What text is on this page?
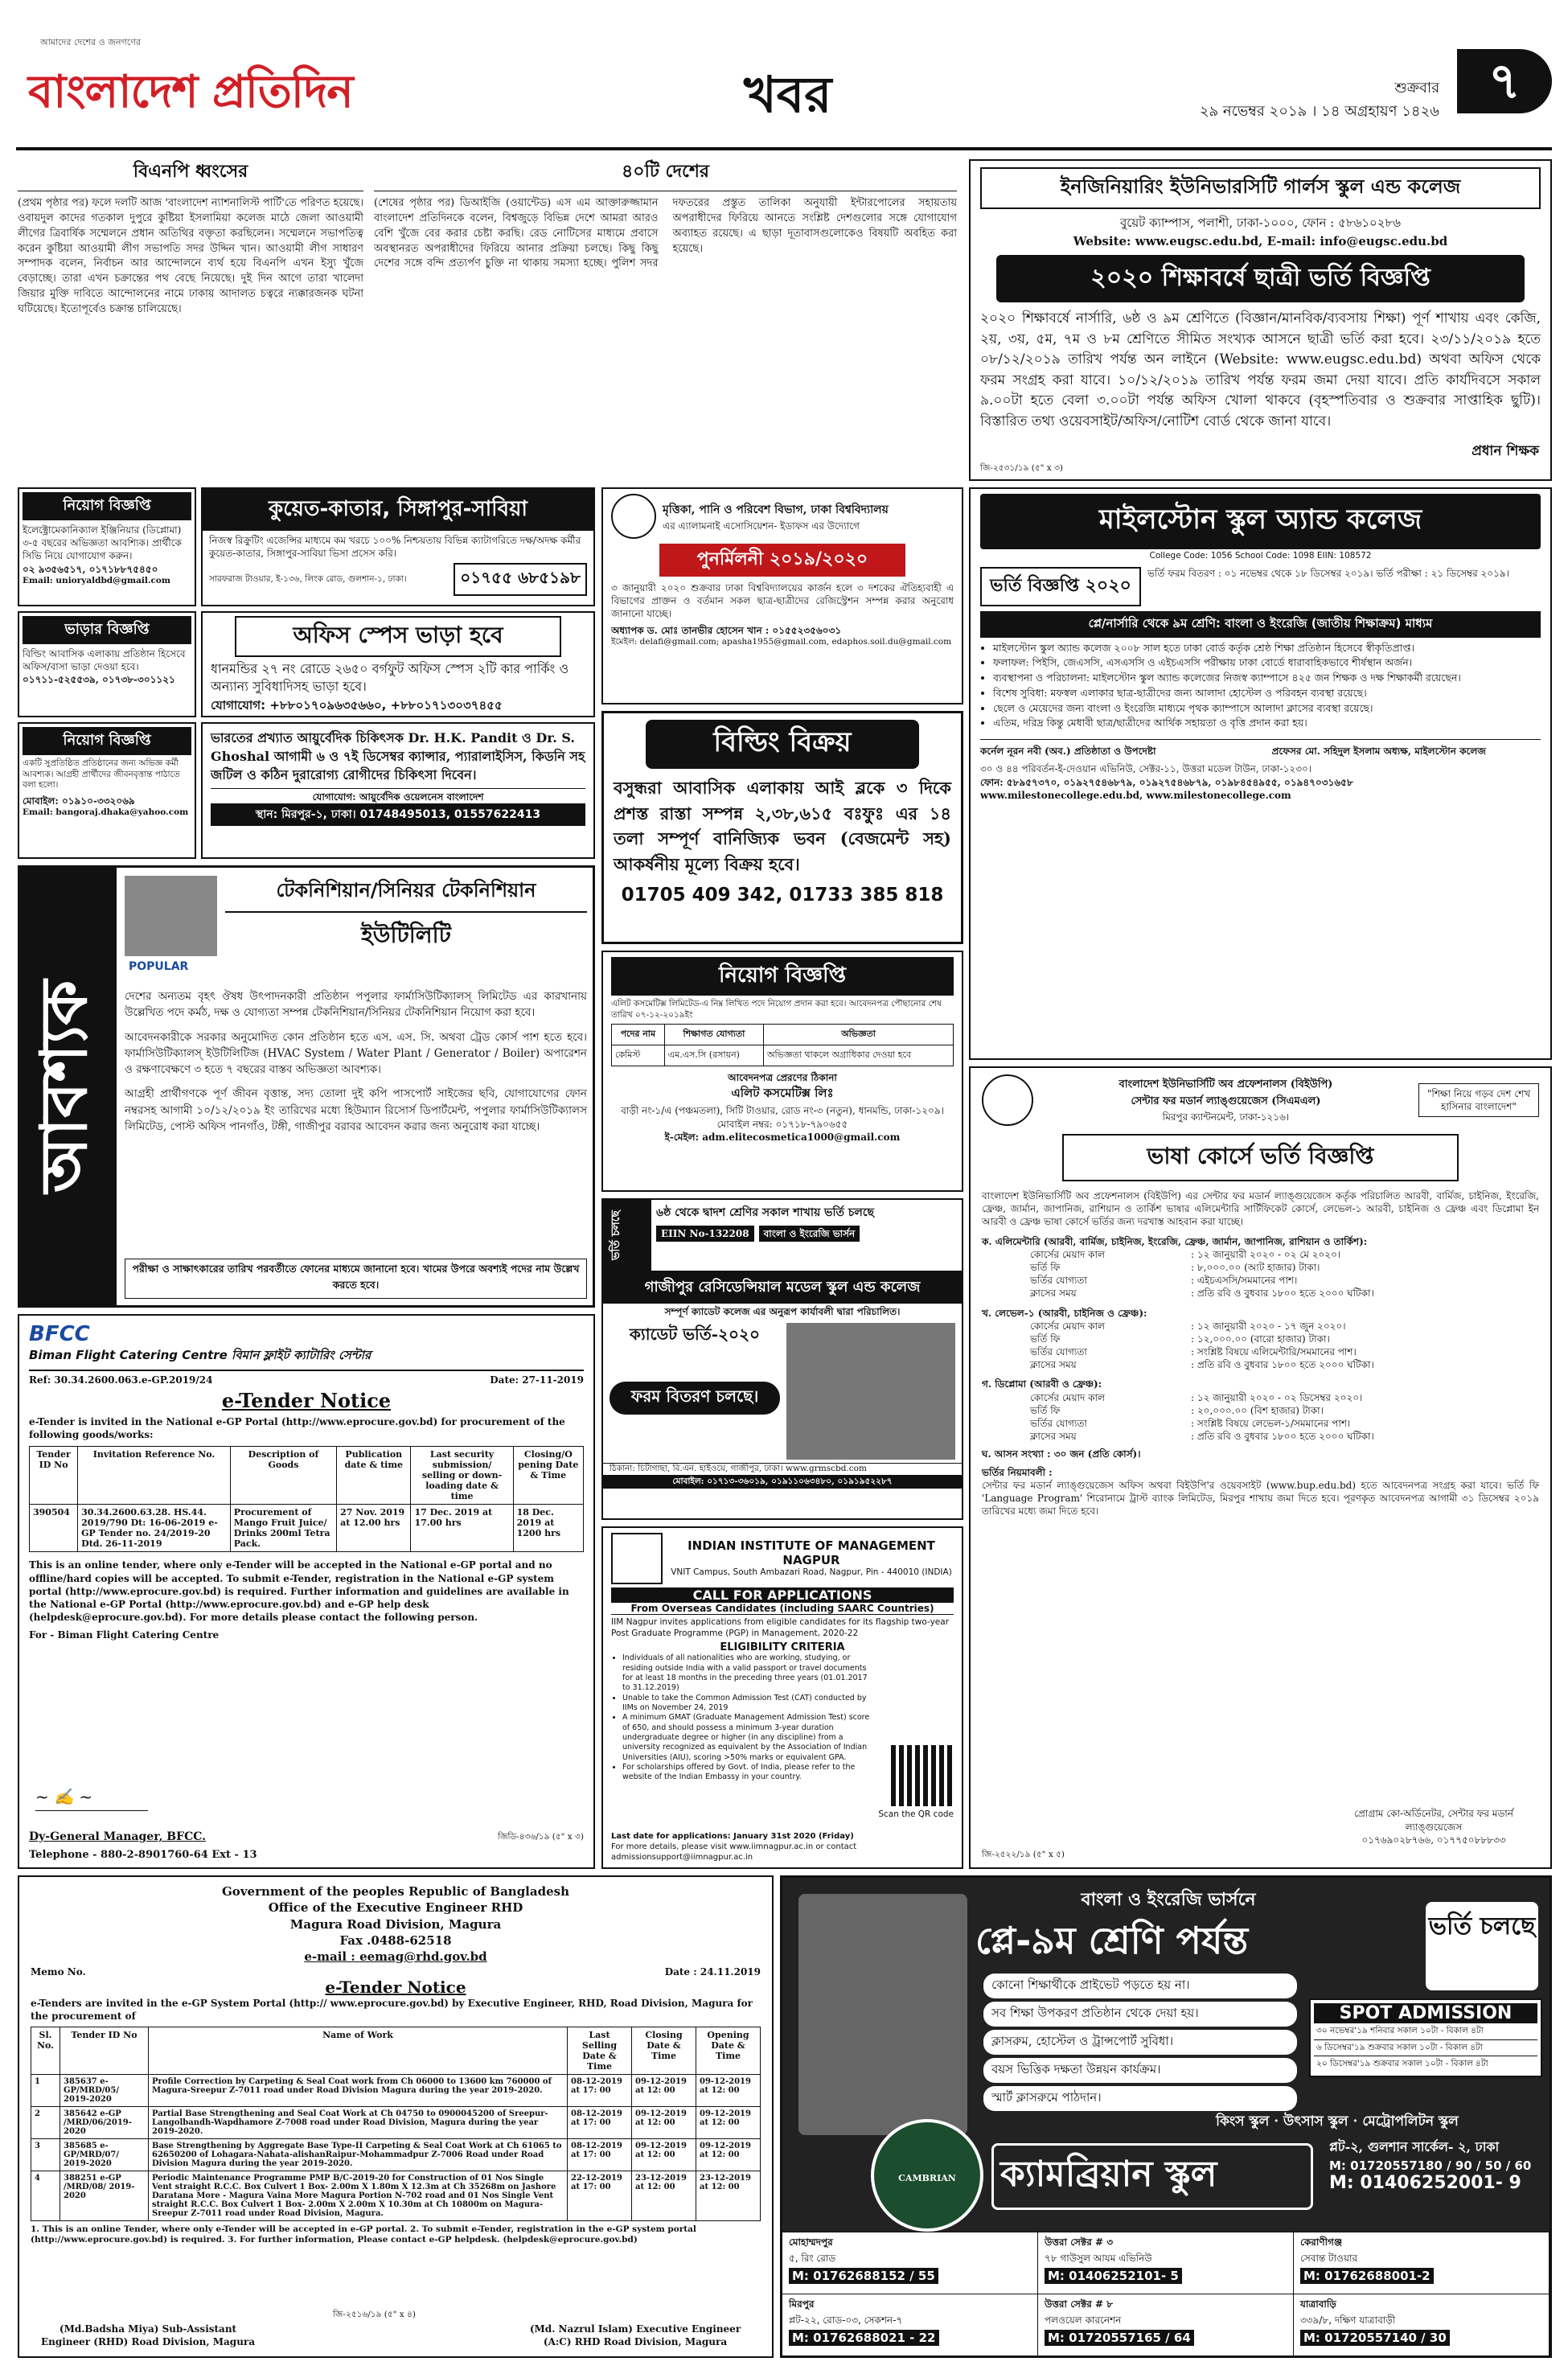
আমাদের দেশের ও জনগণের
বাংলাদেশ প্রতিদিন	খবর	শুক্রবার
২৯ নভেম্বর ২০১৯ । ১৪ অগ্রহায়ণ ১৪২৬
৭
বিএনপি ধ্বংসের
(প্রথম পৃষ্ঠার পর) ফলে দলটি আজ 'বাংলাদেশ ন্যাশনালিস্ট পার্টি'তে পরিণত হয়েছে। ওবায়দুল কাদের গতকাল দুপুরে কুষ্টিয়া ইসলামিয়া কলেজ মাঠে জেলা আওয়ামী লীগের ত্রিবার্ষিক সম্মেলনে প্রধান অতিথির বক্তৃতা করছিলেন। সম্মেলনে সভাপতিত্ব করেন কুষ্টিয়া আওয়ামী লীগ সভাপতি সদর উদ্দিন খান। আওয়ামী লীগ সাধারণ সম্পাদক বলেন, নির্বাচন আর আন্দোলনে ব্যর্থ হয়ে বিএনপি এখন ইস্যু খুঁজে বেড়াচ্ছে। তারা এখন চক্রান্তের পথ বেছে নিয়েছে। দুই দিন আগে তারা খালেদা জিয়ার মুক্তি দাবিতে আন্দোলনের নামে ঢাকায় আদালত চত্বরে ন্যক্কারজনক ঘটনা ঘটিয়েছে। ইতোপূর্বেও চক্রান্ত চালিয়েছে।
৪০টি দেশের
(শেষের পৃষ্ঠার পর) ডিআইজি (ওয়ান্টেড) এস এম আক্তারুজ্জামান বাংলাদেশ প্রতিদিনকে বলেন, বিশ্বজুড়ে বিভিন্ন দেশে আমরা আরও বেশি খুঁজে বের করার চেষ্টা করছি। রেড নোটিসের মাধ্যমে প্রবাসে অবস্থানরত অপরাধীদের ফিরিয়ে আনার প্রক্রিয়া চলছে। কিছু কিছু দেশের সঙ্গে বন্দি প্রত্যর্পণ চুক্তি না থাকায় সমস্যা হচ্ছে। পুলিশ সদর দফতরের প্রস্তুত তালিকা অনুযায়ী ইন্টারপোলের সহায়তায় অপরাধীদের ফিরিয়ে আনতে সংশ্লিষ্ট দেশগুলোর সঙ্গে যোগাযোগ অব্যাহত রয়েছে। এ ছাড়া দূতাবাসগুলোকেও বিষয়টি অবহিত করা হয়েছে।
ইনজিনিয়ারিং ইউনিভারসিটি গার্লস স্কুল এন্ড কলেজ
বুয়েট ক্যাম্পাস, পলাশী, ঢাকা-১০০০, ফোন : ৫৮৬১০২৮৬
Website: www.eugsc.edu.bd, E-mail: info@eugsc.edu.bd
২০২০ শিক্ষাবর্ষে ছাত্রী ভর্তি বিজ্ঞপ্তি
২০২০ শিক্ষাবর্ষে নার্সারি, ৬ষ্ঠ ও ৯ম শ্রেণিতে (বিজ্ঞান/মানবিক/ব্যবসায় শিক্ষা) পূর্ণ শাখায় এবং কেজি, ২য়, ৩য়, ৫ম, ৭ম ও ৮ম শ্রেণিতে সীমিত সংখ্যক আসনে ছাত্রী ভর্তি করা হবে। ২৩/১১/২০১৯ হতে ০৮/১২/২০১৯ তারিখ পর্যন্ত অন লাইনে (Website: www.eugsc.edu.bd) অথবা অফিস থেকে ফরম সংগ্রহ করা যাবে। ১০/১২/২০১৯ তারিখ পর্যন্ত ফরম জমা দেয়া যাবে। প্রতি কার্যদিবসে সকাল ৯.০০টা হতে বেলা ৩.০০টা পর্যন্ত অফিস খোলা থাকবে (বৃহস্পতিবার ও শুক্রবার সাপ্তাহিক ছুটি)। বিস্তারিত তথ্য ওয়েবসাইট/অফিস/নোটিশ বোর্ড থেকে জানা যাবে।
প্রধান শিক্ষক
জি-২৫৩১/১৯ (৫" x ৩)
নিয়োগ বিজ্ঞপ্তি
ইলেক্ট্রোমেকানিক্যাল ইঞ্জিনিয়ার (ডিপ্লোমা) ৩-৫ বছরের অভিজ্ঞতা আবশ্যিক। প্রার্থীকে সিভি নিয়ে যোগাযোগ করুন।
০২ ৯৩৫৬৫১৭, ০১৭১৮৮৭৫৪৫০
Email: unioryaldbd@gmail.com
কুয়েত-কাতার, সিঙ্গাপুর-সাবিয়া
নিজস্ব রিক্রুটিং এজেন্সির মাধ্যমে কম খরচে ১০০% নিশ্চয়তায় বিভিন্ন ক্যাটাগরিতে দক্ষ/অদক্ষ কর্মীর কুয়েত-কাতার, সিঙ্গাপুর-সাবিয়া ভিসা প্রসেস করি।
সারফরাজ টাওয়ার, ই-১৩৬, লিংক রোড, গুলশান-১, ঢাকা।	০১৭৫৫ ৬৮৫১৯৮
ভাড়ার বিজ্ঞপ্তি
বিল্ডিং আবাসিক এলাকায় প্রতিষ্ঠান হিসেবে অফিস/বাসা ভাড়া দেওয়া হবে।
০১৭১১-৫২৫৫৩৯, ০১৭৩৮-৩০১১২১
অফিস স্পেস ভাড়া হবে
ধানমন্ডির ২৭ নং রোডে ২৬৫০ বর্গফুট অফিস স্পেস ২টি কার পার্কিং ও অন্যান্য সুবিধাদিসহ ভাড়া হবে।
যোগাযোগ: +৮৮০১৭০৯৬৩৫৬৬০, +৮৮০১৭১৩০৩৭৪৫৫
নিয়োগ বিজ্ঞপ্তি
একটি সুপ্রতিষ্ঠিত প্রতিষ্ঠানের জন্য অভিজ্ঞ কর্মী আবশ্যক। আগ্রহী প্রার্থীদের জীবনবৃত্তান্ত পাঠাতে বলা হলো।
মোবাইল: ০১৯১০-৩৩২০৬৯
Email: bangoraj.dhaka@yahoo.com
ভারতের প্রখ্যাত আয়ুর্বেদিক চিকিৎসক Dr. H.K. Pandit ও Dr. S. Ghoshal আগামী ৬ ও ৭ই ডিসেম্বর ক্যান্সার, প্যারালাইসিস, কিডনি সহ জটিল ও কঠিন দুরারোগ্য রোগীদের চিকিৎসা দিবেন।
যোগাযোগ: আয়ুর্বেদিক ওয়েলনেস বাংলাদেশ
স্থান: মিরপুর-১, ঢাকা। 01748495013, 01557622413
আবশ্যক
POPULAR
টেকনিশিয়ান/সিনিয়র টেকনিশিয়ান
ইউটিলিটি
দেশের অন্যতম বৃহৎ ঔষধ উৎপাদনকারী প্রতিষ্ঠান পপুলার ফার্মাসিউটিক্যালস্ লিমিটেড এর কারখানায় উল্লেখিত পদে কর্মঠ, দক্ষ ও যোগ্যতা সম্পন্ন টেকনিশিয়ান/সিনিয়র টেকনিশিয়ান নিয়োগ করা হবে।
আবেদনকারীকে সরকার অনুমোদিত কোন প্রতিষ্ঠান হতে এস. এস. সি. অথবা ট্রেড কোর্স পাশ হতে হবে। ফার্মাসিউটিক্যালস্ ইউটিলিটিজ (HVAC System / Water Plant / Generator / Boiler) অপারেশন ও রক্ষণাবেক্ষণে ৩ হতে ৭ বছরের বাস্তব অভিজ্ঞতা আবশ্যক।
আগ্রহী প্রার্থীগণকে পূর্ণ জীবন বৃত্তান্ত, সদ্য তোলা দুই কপি পাসপোর্ট সাইজের ছবি, যোগাযোগের ফোন নম্বরসহ আগামী ১০/১২/২০১৯ ইং তারিখের মধ্যে হিউম্যান রিসোর্স ডিপার্টমেন্ট, পপুলার ফার্মাসিউটিক্যালস লিমিটেড, পোস্ট অফিস পানগাঁও, টঙ্গী, গাজীপুর বরাবর আবেদন করার জন্য অনুরোধ করা যাচ্ছে।
পরীক্ষা ও সাক্ষাৎকারের তারিখ পরবর্তীতে ফোনের মাধ্যমে জানানো হবে। খামের উপরে অবশ্যই পদের নাম উল্লেখ করতে হবে।
BFCC
Biman Flight Catering Centre বিমান ফ্লাইট ক্যাটারিং সেন্টার
Ref: 30.34.2600.063.e-GP.2019/24	Date: 27-11-2019
e-Tender Notice
e-Tender is invited in the National e-GP Portal (http://www.eprocure.gov.bd) for procurement of the following goods/works:
Tender ID No	Invitation Reference No.	Description of Goods	Publication date & time	Last security submission/ selling or down-loading date & time	Closing/O pening Date & Time
390504	30.34.2600.63.28. HS.44. 2019/790 Dt: 16-06-2019 e-GP Tender no. 24/2019-20 Dtd. 26-11-2019	Procurement of Mango Fruit Juice/ Drinks 200ml Tetra Pack.	27 Nov. 2019 at 12.00 hrs	17 Dec. 2019 at 17.00 hrs	18 Dec. 2019 at 1200 hrs
This is an online tender, where only e-Tender will be accepted in the National e-GP portal and no offline/hard copies will be accepted. To submit e-Tender, registration in the National e-GP system portal (http://www.eprocure.gov.bd) is required. Further information and guidelines are available in the National e-GP Portal (http://www.eprocure.gov.bd) and e-GP help desk (helpdesk@eprocure.gov.bd). For more details please contact the following person.
For - Biman Flight Catering Centre
~ ✍ ~
Dy-General Manager, BFCC.
Telephone - 880-2-8901760-64 Ext - 13
জিডি-৪৩৬/১৯ (৫" x ৩)
মৃত্তিকা, পানি ও পরিবেশ বিভাগ, ঢাকা বিশ্ববিদ্যালয়
এর এ্যালামনাই এসোসিয়েশন- ইডাফস এর উদ্যোগে
পুনর্মিলনী ২০১৯/২০২০
৩ জানুয়ারী ২০২০ শুক্রবার ঢাকা বিশ্ববিদ্যালয়ের কার্জন হলে ৩ দশকের ঐতিহ্যবাহী এ বিভাগের প্রাক্তন ও বর্তমান সকল ছাত্র-ছাত্রীদের রেজিস্ট্রেশন সম্পন্ন করার অনুরোধ জানানো যাচ্ছে।
অধ্যাপক ড. মোঃ তানভীর হোসেন খান : ০১৫৫২৩৫৬০৩১
ইমেইল: delafi@gmail.com; apasha1955@gmail.com, edaphos.soil.du@gmail.com
বিল্ডিং বিক্রয়
বসুন্ধরা আবাসিক এলাকায় আই ব্লকে ৩ দিকে প্রশস্ত রাস্তা সম্পন্ন ২,৩৮,৬১৫ বঃফুঃ এর ১৪ তলা সম্পূর্ণ বানিজ্যিক ভবন (বেজমেন্ট সহ) আকর্ষনীয় মূল্যে বিক্রয় হবে।
01705 409 342, 01733 385 818
নিয়োগ বিজ্ঞপ্তি
এলিট কসমেটিক্স লিমিটেড-এ নিম্ন লিখিত পদে নিয়োগ প্রদান করা হবে। আবেদনপত্র পৌছানোর শেষ তারিখ ০৭-১২-২০১৯ইং
পদের নাম	শিক্ষাগত যোগ্যতা	অভিজ্ঞতা
কেমিস্ট	এম.এস.সি (রসায়ন)	অভিজ্ঞতা থাকলে অগ্রাধিকার দেওয়া হবে
আবেদনপত্র প্রেরণের ঠিকানা
এলিট কসমেটিক্স লিঃ
বাড়ী নং-১/এ (পঞ্চমতলা), সিটি টাওয়ার, রোড নং-৩ (নতুন), ধানমন্ডি, ঢাকা-১২০৯।
মোবাইল নম্বর: ০১৭১৮-৭৯০৬৫৫
ই-মেইল: adm.elitecosmetica1000@gmail.com
ভর্তি চলছে	৬ষ্ঠ থেকে দ্বাদশ শ্রেণির সকাল শাখায় ভর্তি চলছে
EIIN No-132208	বাংলা ও ইংরেজি ভার্সন
গাজীপুর রেসিডেন্সিয়াল মডেল স্কুল এন্ড কলেজ
সম্পূর্ণ ক্যাডেট কলেজ এর অনুরূপ কার্যাবলী দ্বারা পরিচালিত।
ক্যাডেট ভর্তি-২০২০
ফরম বিতরণ চলছে।
ঠিকানা: চিটাগাছা, বি.এন. হাইওয়ে, গাজীপুর, ঢাকা। www.grmscbd.com
মোবাইল: ০১৭১৩-৩৬০১৯, ০১৯১১০৬৩৪৮০, ০১৯১৯৫২২৮৭
INDIAN INSTITUTE OF MANAGEMENT NAGPUR
VNIT Campus, South Ambazari Road, Nagpur, Pin - 440010 (INDIA)
CALL FOR APPLICATIONS
From Overseas Candidates (including SAARC Countries)
IIM Nagpur invites applications from eligible candidates for its flagship two-year Post Graduate Programme (PGP) in Management, 2020-22
ELIGIBILITY CRITERIA
• Individuals of all nationalities who are working, studying, or residing outside India with a valid passport or travel documents for at least 18 months in the preceding three years (01.01.2017 to 31.12.2019)
• Unable to take the Common Admission Test (CAT) conducted by IIMs on November 24, 2019
• A minimum GMAT (Graduate Management Admission Test) score of 650, and should possess a minimum 3-year duration undergraduate degree or higher (in any discipline) from a university recognized as equivalent by the Association of Indian Universities (AIU), scoring >50% marks or equivalent GPA.
• For scholarships offered by Govt. of India, please refer to the website of the Indian Embassy in your country.
Scan the QR code
Last date for applications: January 31st 2020 (Friday)
For more details, please visit www.iimnagpur.ac.in or contact admissionsupport@iimnagpur.ac.in
মাইলস্টোন স্কুল অ্যান্ড কলেজ
College Code: 1056 School Code: 1098 EIIN: 108572
ভর্তি বিজ্ঞপ্তি ২০২০
ভর্তি ফরম বিতরণ : ০১ নভেম্বর থেকে ১৮ ডিসেম্বর ২০১৯। ভর্তি পরীক্ষা : ২১ ডিসেম্বর ২০১৯।
প্লে/নার্সারি থেকে ৯ম শ্রেণি: বাংলা ও ইংরেজি (জাতীয় শিক্ষাক্রম) মাধ্যম
• মাইলস্টোন স্কুল অ্যান্ড কলেজ ২০০৮ সাল হতে ঢাকা বোর্ড কর্তৃক শ্রেষ্ঠ শিক্ষা প্রতিষ্ঠান হিসেবে স্বীকৃতিপ্রাপ্ত।
• ফলাফল: পিইসি, জেএসসি, এসএসসি ও এইচএসসি পরীক্ষায় ঢাকা বোর্ডে ধারাবাহিকভাবে শীর্ষস্থান অর্জন।
• ব্যবস্থাপনা ও পরিচালনা: মাইলস্টোন স্কুল অ্যান্ড কলেজের নিজস্ব ক্যাম্পাসে ৪২৫ জন শিক্ষক ও দক্ষ শিক্ষাকর্মী রয়েছেন।
• বিশেষ সুবিধা: মফস্বল এলাকার ছাত্র-ছাত্রীদের জন্য আলাদা হোস্টেল ও পরিবহন ব্যবস্থা রয়েছে।
• ছেলে ও মেয়েদের জন্য বাংলা ও ইংরেজি মাধ্যমে পৃথক ক্যাম্পাসে আলাদা ক্লাসের ব্যবস্থা রয়েছে।
• এতিম, দরিদ্র কিন্তু মেধাবী ছাত্র/ছাত্রীদের আর্থিক সহায়তা ও বৃত্তি প্রদান করা হয়।
কর্নেল নূরন নবী (অব.) প্রতিষ্ঠাতা ও উপদেষ্টা	প্রফেসর মো. সহিদুল ইসলাম অধ্যক্ষ, মাইলস্টোন কলেজ
৩০ ও ৪৪ পরিবর্তন-ই-দেওয়ান এভিনিউ, সেক্টর-১১, উত্তরা মডেল টাউন, ঢাকা-১২৩০।
ফোন: ৫৮৯৫৭৩৭০, ০১৯২৭৫৪৬৮৭৯, ০১৯২৭৫৪৬৮৭৯, ০১৯৮৪৫৪৯৫৫, ০১৯৪৭০৩১৬৫৮
www.milestonecollege.edu.bd, www.milestonecollege.com
বাংলাদেশ ইউনিভার্সিটি অব প্রফেশনালস (বিইউপি)
সেন্টার ফর মডার্ন ল্যাঙ্গুয়েজেস (সিএমএল)
মিরপুর ক্যান্টনমেন্ট, ঢাকা-১২১৬।
"শিক্ষা নিয়ে গড়ব দেশ শেখ হাসিনার বাংলাদেশ"
ভাষা কোর্সে ভর্তি বিজ্ঞপ্তি
বাংলাদেশ ইউনিভার্সিটি অব প্রফেশনালস (বিইউপি) এর সেন্টার ফর মডার্ন ল্যাঙ্গুয়েজেস কর্তৃক পরিচালিত আরবী, বার্মিজ, চাইনিজ, ইংরেজি, ফ্রেঞ্চ, জার্মান, জাপানিজ, রাশিয়ান ও তার্কিশ ভাষার এলিমেন্টারি সার্টিফিকেট কোর্সে, লেভেল-১ আরবী, চাইনিজ ও ফ্রেঞ্চ এবং ডিপ্লোমা ইন আরবী ও ফ্রেঞ্চ ভাষা কোর্সে ভর্তির জন্য দরখাস্ত আহবান করা যাচ্ছে।
ক. এলিমেন্টারি (আরবী, বার্মিজ, চাইনিজ, ইংরেজি, ফ্রেঞ্চ, জার্মান, জাপানিজ, রাশিয়ান ও তার্কিশ):
কোর্সের মেয়াদ কাল	: ১২ জানুয়ারী ২০২০ - ০২ মে ২০২০।
ভর্তি ফি	: ৮,০০০.০০ (আট হাজার) টাকা।
ভর্তির যোগ্যতা	: এইচএসসি/সমমানের পাশ।
ক্লাসের সময়	: প্রতি রবি ও বুধবার ১৮০০ হতে ২০০০ ঘটিকা।
খ. লেভেল-১ (আরবী, চাইনিজ ও ফ্রেঞ্চ):
কোর্সের মেয়াদ কাল	: ১২ জানুয়ারী ২০২০ - ১৭ জুন ২০২০।
ভর্তি ফি	: ১২,০০০.০০ (বারো হাজার) টাকা।
ভর্তির যোগ্যতা	: সংশ্লিষ্ট বিষয়ে এলিমেন্টারি/সমমানের পাশ।
ক্লাসের সময়	: প্রতি রবি ও বুধবার ১৮০০ হতে ২০০০ ঘটিকা।
গ. ডিপ্লোমা (আরবী ও ফ্রেঞ্চ):
কোর্সের মেয়াদ কাল	: ১২ জানুয়ারী ২০২০ - ০২ ডিসেম্বর ২০২০।
ভর্তি ফি	: ২০,০০০.০০ (বিশ হাজার) টাকা।
ভর্তির যোগ্যতা	: সংশ্লিষ্ট বিষয়ে লেভেল-১/সমমানের পাশ।
ক্লাসের সময়	: প্রতি রবি ও বুধবার ১৮০০ হতে ২০০০ ঘটিকা।
ঘ. আসন সংখ্যা : ৩০ জন (প্রতি কোর্স)।
ভর্তির নিয়মাবলী :
সেন্টার ফর মডার্ন ল্যাঙ্গুয়েজেস অফিস অথবা বিইউপি'র ওয়েবসাইট (www.bup.edu.bd) হতে আবেদনপত্র সংগ্রহ করা যাবে। ভর্তি ফি 'Language Program' শিরোনামে ট্রাস্ট ব্যাংক লিমিটেড, মিরপুর শাখায় জমা দিতে হবে। পূরণকৃত আবেদনপত্র আগামী ৩১ ডিসেম্বর ২০১৯ তারিখের মধ্যে জমা দিতে হবে।
প্রোগ্রাম কো-অর্ডিনেটর, সেন্টার ফর মডার্ন ল্যাঙ্গুয়েজেস
০১৭৬৯০২৮৭৬৬, ০১৭৭৫০৮৮৮৩৩
জি-২৫২২/১৯ (৫" x ৫)
Government of the peoples Republic of Bangladesh
Office of the Executive Engineer RHD
Magura Road Division, Magura
Fax .0488-62518
e-mail : eemag@rhd.gov.bd
Memo No.	Date : 24.11.2019
e-Tender Notice
e-Tenders are invited in the e-GP System Portal (http:// www.eprocure.gov.bd) by Executive Engineer, RHD, Road Division, Magura for the procurement of
Sl. No.	Tender ID No	Name of Work	Last Selling Date & Time	Closing Date & Time	Opening Date & Time
1	385637 e-GP/MRD/05/ 2019-2020	Profile Correction by Carpeting & Seal Coat work from Ch 06000 to 13600 km 760000 of Magura-Sreepur Z-7011 road under Road Division Magura during the year 2019-2020.	08-12-2019 at 17: 00	09-12-2019 at 12: 00	09-12-2019 at 12: 00
2	385642 e-GP /MRD/06/2019-2020	Partial Base Strengthening and Seal Coat Work at Ch 04750 to 0900045200 of Sreepur-Langolbandh-Wapdhamore Z-7008 road under Road Division, Magura during the year 2019-2020.	08-12-2019 at 17: 00	09-12-2019 at 12: 00	09-12-2019 at 12: 00
3	385685 e-GP/MRD/07/ 2019-2020	Base Strengthening by Aggregate Base Type-II Carpeting & Seal Coat Work at Ch 61065 to 62650200 of Lohagara-Nahata-alishanRaipur-Mohammadpur Z-7006 Road under Road Division Magura during the year 2019-2020.	08-12-2019 at 17: 00	09-12-2019 at 12: 00	09-12-2019 at 12: 00
4	388251 e-GP /MRD/08/ 2019-2020	Periodic Maintenance Programme PMP B/C-2019-20 for Construction of 01 Nos Single Vent straight R.C.C. Box Culvert 1 Box- 2.00m X 1.80m X 12.3m at Ch 35268m on Jashore Daratana More - Magura Vaina More Magura Portion N-702 road and 01 Nos Single Vent straight R.C.C. Box Culvert 1 Box- 2.00m X 2.00m X 10.30m at Ch 10800m on Magura-Sreepur Z-7011 road under Road Division, Magura.	22-12-2019 at 17: 00	23-12-2019 at 12: 00	23-12-2019 at 12: 00
1. This is an online Tender, where only e-Tender will be accepted in e-GP portal. 2. To submit e-Tender, registration in the e-GP system portal (http://www.eprocure.gov.bd) is required. 3. For further information, Please contact e-GP helpdesk. (helpdesk@eprocure.gov.bd)
(Md.Badsha Miya) Sub-Assistant Engineer (RHD) Road Division, Magura
জি-২৫১৬/১৯ (৫" x ৪)
(Md. Nazrul Islam) Executive Engineer (A:C) RHD Road Division, Magura
CAMBRIAN
বাংলা ও ইংরেজি ভার্সনে
প্লে-৯ম শ্রেণি পর্যন্ত	ভর্তি চলছে
কোনো শিক্ষার্থীকে প্রাইভেট পড়তে হয় না।
সব শিক্ষা উপকরণ প্রতিষ্ঠান থেকে দেয়া হয়।
ক্লাসরুম, হোস্টেল ও ট্রান্সপোর্ট সুবিধা।
বয়স ভিত্তিক দক্ষতা উন্নয়ন কার্যক্রম।
স্মার্ট ক্লাসরুমে পাঠদান।
SPOT ADMISSION
৩০ নভেম্বর'১৯ শনিবার সকাল ১০টা - বিকাল ৪টা
৬ ডিসেম্বর'১৯ শুক্রবার সকাল ১০টা - বিকাল ৪টা
২০ ডিসেম্বর'১৯ শুক্রবার সকাল ১০টা - বিকাল ৪টা
কিংস স্কুল · উৎসাস স্কুল · মেট্রোপলিটন স্কুল
ক্যামব্রিয়ান স্কুল
প্লট-২, গুলশান সার্কেল- ২, ঢাকা
M: 01720557180 / 90 / 50 / 60
M: 01406252001- 9
মোহাম্মদপুর
৫, রিং রোড
M: 01762688152 / 55
উত্তরা সেক্টর # ৩
৭৮ গাউসুল আযম এভিনিউ
M: 01406252101- 5
কেরাণীগঞ্জ
সেবান্ত টাওয়ার
M: 01762688001-2
মিরপুর
প্লট-২২, রোড-০৩, সেকশন-৭
M: 01762688021 - 22
উত্তরা সেক্টর # ৮
পলওয়েল কারনেশন
M: 01720557165 / 64
যাত্রাবাড়ি
৩৩৯/৮, দক্ষিণ যাত্রাবাড়ী
M: 01720557140 / 30
